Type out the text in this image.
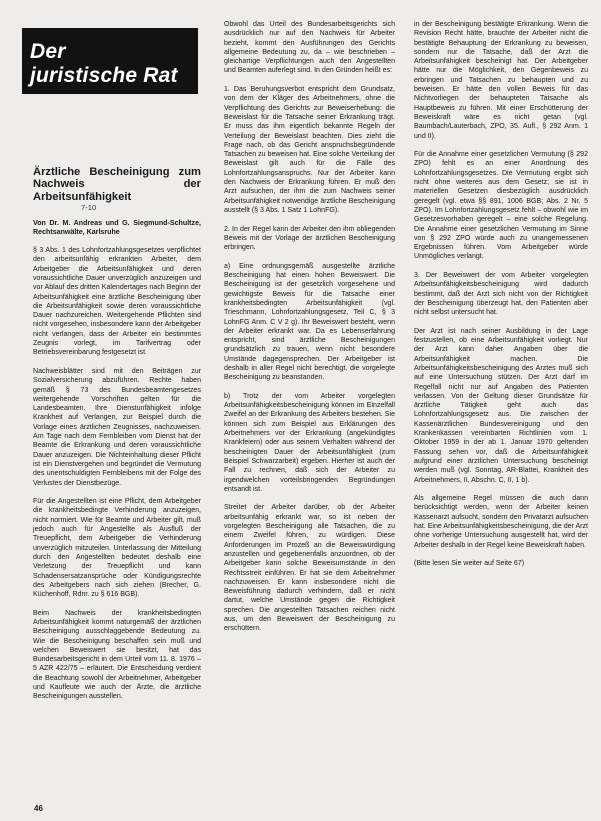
Der
juristische Rat
Ärztliche Bescheinigung zum Nachweis der Arbeitsunfähigkeit
7-10
Von Dr. M. Andreas und G. Siegmund-Schultze, Rechtsanwälte, Karlsruhe

§ 3 Abs. 1 des Lohnfortzahlungsgesetzes verpflichtet den arbeitsunfähig erkrankten Arbeiter, dem Arbeitgeber die Arbeitsunfähigkeit und deren voraussichtliche Dauer unverzüglich anzuzeigen und vor Ablauf des dritten Kalendertages nach Beginn der Arbeitsunfähigkeit eine ärztliche Bescheinigung über die Arbeitsunfähigkeit sowie deren voraussichtliche Dauer nachzureichen. Weitergehende Pflichten sind nicht vorgesehen, insbesondere kann der Arbeitgeber nicht verlangen, dass der Arbeiter ein bestimmtes Zeugnis vorlegt, im Tarifvertrag oder Betriebsvereinbarung festgesetzt ist.

Nachweisblätter sind mit den Beiträgen zur Sozialversicherung abzuführen. Rechte haben gemäß § 73 des Bundesbeamtengesetzes weitergehende Vorschriften gelten für die Landesbeamten. Ihre Dienstunfähigkeit infolge Krankheit auf Verlangen, zur Beispiel durch die Vorlage eines ärztlichen Zeugnisses, nachzuweisen. Am Tage nach dem Fernbleiben vom Dienst hat der Beamte die Erkrankung und deren voraussichtliche Dauer anzuzeigen. Die Nichteinhaltung dieser Pflicht ist ein Dienstvergehen und begründet die Vermutung des unentschuldigten Fernbleibens mit der Folge des Verlustes der Dienstbezüge.

Für die Angestellten ist eine Pflicht, dem Arbeitgeber die krankheitsbedingte Verhinderung anzuzeigen, nicht normiert. Wie für Beamte und Arbeiter gilt, muß jedoch auch für Angestellte als Ausfluß der Treuepflicht, dem Arbeitgeber die Verhinderung unverzüglich mitzuteilen. Unterlassung der Mitteilung durch den Angestellten bedeutet deshalb eine Verletzung der Treuepflicht und kann Schadensersatzansprüche oder Kündigungsrechte des Arbeitgebers nach sich ziehen (Brecher, G. Küchenhoff, Rdnr. zu § 616 BGB).

Beim Nachweis der krankheitsbedingten Arbeitsunfähigkeit kommt naturgemäß der ärztlichen Bescheinigung ausschlaggebende Bedeutung zu. Wie die Bescheinigung beschaffen sein muß und welchen Beweiswert sie besitzt, hat das Bundesarbeitsgericht in dem Urteil vom 11. 8. 1976 – 5 AZR 422/75 – erläutert. Die Entscheidung verdient die Beachtung sowohl der Arbeitnehmer, Arbeitgeber und Kaufleute wie auch der Ärzte, die ärztliche Bescheinigungen ausstellen.

Obwohl das Urteil des Bundesarbeitsgerichts sich ausdrücklich nur auf den Nachweis für Arbeiter bezieht, kommt den Ausführungen des Gerichts allgemeine Bedeutung zu, da – wie beschrieben – gleichartige Verpflichtungen auch den Angestellten und Beamten auferlegt sind. In den Gründen heißt es:

1. Das Beruhungsverbot entspricht dem Grundsatz, von dem der Kläger des Arbeitnehmers, ohne die Verpflichtung des Gerichts zur Beweiserhebung: die Beweislast für die Tatsache seiner Erkrankung trägt. Er muss das ihm eigentlich bekannte Regeln der Verteilung der Beweislast beachten. Dies zieht die Frage nach, ob das Gericht anspruchsbegründende Tatsachen zu beweisen hat. Eine solche Verteilung der Beweislast gilt auch für die Fälle des Lohnfortzahlungsanspruchs. Nur der Arbeiter kann den Nachweis der Erkrankung führen. Er muß den Arzt aufsuchen, der ihm die zum Nachweis seiner Arbeitsunfähigkeit notwendige ärztliche Bescheinigung ausstellt (§ 3 Abs. 1 Satz 1 LohnFG).

2. In der Regel kann der Arbeiter den ihm obliegenden Beweis mit der Vorlage der ärztlichen Bescheinigung erbringen.

a) Eine ordnungsgemäß ausgestellte ärztliche Bescheinigung hat einen hohen Beweiswert. Die Bescheinigung ist der gesetzlich vorgesehene und gewichtigste Beweis für die Tatsache einer krankheitsbedingten Arbeitsunfähigkeit (vgl. Trieschmann, Lohnfortzahlungsgesetz, Teil C, § 3 LohnFG Anm. C V 2 g). Ihr Beweiswert besteht, wenn der Arbeiter erkrankt war. Da es Lebenserfahrung entspricht, sind ärztliche Bescheinigungen grundsätzlich zu trauen, wenn nicht besondere Umstände dagegensprechen. Der Arbeitgeber ist deshalb in aller Regel nicht berechtigt, die vorgelegte Bescheinigung zu beanstanden.

b) Trotz der vom Arbeiter vorgelegten Arbeitsunfähigkeitsbescheinigung können im Einzelfall Zweifel an der Erkrankung des Arbeiters bestehen. Sie können sich zum Beispiel aus Erklärungen des Arbeitnehmers vor der Erkrankung (angekündigtes Krankfeiern) oder aus seinem Verhalten während der bescheinigten Dauer der Arbeitsunfähigkeit (zum Beispiel Schwarzarbeit) ergeben. Hierher ist auch der Fall zu rechnen, daß sich der Arbeiter zu irgendwelchen vorteilsbringenden Begründungen entsandt ist.

Streitet der Arbeiter darüber, ob der Arbeiter arbeitsunfähig erkrankt war, so ist neben der vorgelegten Bescheinigung alle Tatsachen, die zu einem Zweifel führen, zu würdigen. Diese Anforderungen im Prozeß an die Beweiswürdigung anzustellen und gegebenenfalls anzuordnen, ob der Arbeitgeber kann solche Beweisumstände in den Rechtsstreit einführen. Er hat sie dem Arbeitnehmer nachzuweisen. Er kann insbesondere nicht die Beweisführung dadurch verhindern, daß er nicht dartut, welche Umstände gegen die Richtigkeit sprechen. Die angestellten Tatsachen reichen nicht aus, um den Beweiswert der Bescheinigung zu erschüttern.

in der Bescheinigung bestätigte Erkrankung. Wenn die Revision Recht hätte, brauchte der Arbeiter nicht die bestätigte Behauptung der Erkrankung zu beweisen, sondern nur die Tatsache, daß der Arzt die Arbeitsunfähigkeit bescheinigt hat. Der Arbeitgeber hätte nur die Möglichkeit, den Gegenbeweis zu erbringen und Tatsachen zu behaupten und zu beweisen. Er hätte den vollen Beweis für das Nichtvorliegen der behaupteten Tatsache als Hauptbeweis zu führen. Mit einer Erschütterung der Beweiskraft wäre es nicht getan (vgl. Baumbach/Lauterbach, ZPO, 35. Aufl., § 292 Anm. 1 und II).

Für die Annahme einer gesetzlichen Vermutung (§ 292 ZPO) fehlt es an einer Anordnung des Lohnfortzahlungsgesetzes. Die Vermutung ergibt sich nicht ohne weiteres aus dem Gesetz; sie ist in materiellen Gesetzen diesbezüglich ausdrücklich geregelt (vgl. etwa §§ 891, 1006 BGB; Abs. 2 Nr. 5 ZPO). Im Lohnfortzahlungsgesetz fehlt – obwohl wie im Gesetzesvorhaben geregelt – eine solche Regelung. Die Annahme einer gesetzlichen Vermutung im Sinne von § 292 ZPO würde auch zu unangemessenen Ergebnissen führen. Vom Arbeitgeber würde Unmögliches verlangt.

3. Der Beweiswert der vom Arbeiter vorgelegten Arbeitsunfähigkeitsbescheinigung wird dadurch bestimmt, daß der Arzt sich nicht von der Richtigkeit der Bescheinigung überzeugt hat, den Patienten aber nicht selbst untersucht hat.

Der Arzt ist nach seiner Ausbildung in der Lage festzustellen, ob eine Arbeitsunfähigkeit vorliegt. Nur der Arzt kann daher Angaben über die Arbeitsunfähigkeit machen. Die Arbeitsunfähigkeitsbescheinigung des Arztes muß sich auf eine Untersuchung stützen. Der Arzt darf im Regelfall nicht nur auf Angaben des Patienten verlassen. Von der Geltung dieser Grundsätze für ärztliche Tätigkeit geht auch das Lohnfortzahlungsgesetz aus. Die zwischen der Kassenärztlichen Bundesvereinigung und den Krankenkassen vereinbarten Richtlinien vom 1. Oktober 1959 in der ab 1. Januar 1970 geltenden Fassung sehen vor, daß die Arbeitsunfähigkeit aufgrund einer ärztlichen Untersuchung bescheinigt werden muß (vgl. Sonntag, AR-Blattei, Krankheit des Arbeitnehmers, II, Abschn. C, II, 1 b).

Als allgemeine Regel müssen die auch dann berücksichtigt werden, wenn der Arbeiter keinen Kassenarzt aufsucht, sondern den Privatarzt aufsuchen hat. Eine Arbeitsunfähigkeitsbescheinigung, die der Arzt ohne vorherige Untersuchung ausgestellt hat, wird der Arbeiter deshalb in der Regel keine Beweiskraft haben.

(Bitte lesen Sie weiter auf Seite 67)

46
